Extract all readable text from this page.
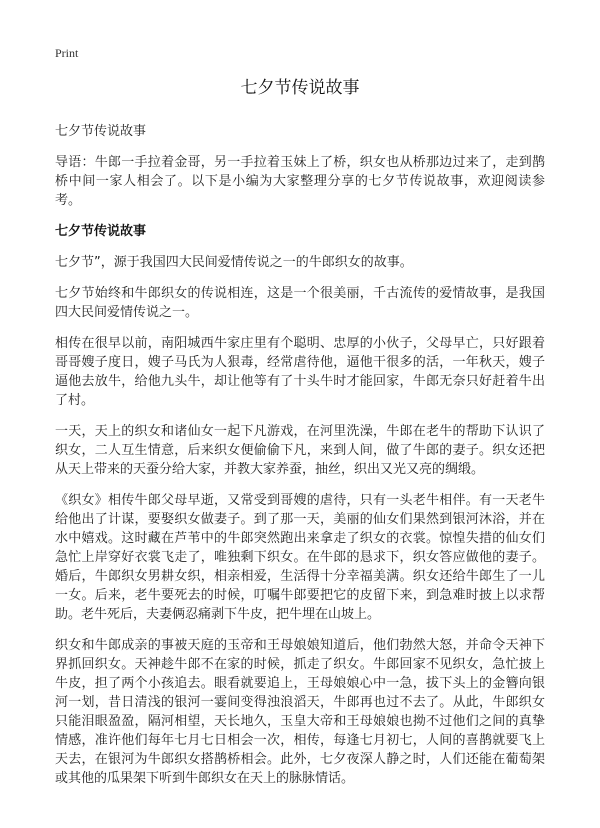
Print
七夕节传说故事

七夕节传说故事

导语：牛郎一手拉着金哥，另一手拉着玉妹上了桥，织女也从桥那边过来了，走到鹊桥中间一家人相会了。以下是小编为大家整理分享的七夕节传说故事，欢迎阅读参考。

七夕节传说故事

七夕节”，源于我国四大民间爱情传说之一的牛郎织女的故事。

七夕节始终和牛郎织女的传说相连，这是一个很美丽，千古流传的爱情故事，是我国四大民间爱情传说之一。

相传在很早以前，南阳城西牛家庄里有个聪明、忠厚的小伙子，父母早亡，只好跟着哥哥嫂子度日，嫂子马氏为人狠毒，经常虐待他，逼他干很多的活，一年秋天，嫂子逼他去放牛，给他九头牛，却让他等有了十头牛时才能回家，牛郎无奈只好赶着牛出了村。

一天，天上的织女和诸仙女一起下凡游戏，在河里洗澡，牛郎在老牛的帮助下认识了织女，二人互生情意，后来织女便偷偷下凡，来到人间，做了牛郎的妻子。织女还把从天上带来的天蚕分给大家，并教大家养蚕，抽丝，织出又光又亮的绸缎。

《织女》相传牛郎父母早逝，又常受到哥嫂的虐待，只有一头老牛相伴。有一天老牛给他出了计谋，要娶织女做妻子。到了那一天，美丽的仙女们果然到银河沐浴，并在水中嬉戏。这时藏在芦苇中的牛郎突然跑出来拿走了织女的衣裳。惊惶失措的仙女们急忙上岸穿好衣裳飞走了，唯独剩下织女。在牛郎的恳求下，织女答应做他的妻子。婚后，牛郎织女男耕女织，相亲相爱，生活得十分幸福美满。织女还给牛郎生了一儿一女。后来，老牛要死去的时候，叮嘱牛郎要把它的皮留下来，到急难时披上以求帮助。老牛死后，夫妻俩忍痛剥下牛皮，把牛埋在山坡上。

织女和牛郎成亲的事被天庭的玉帝和王母娘娘知道后，他们勃然大怒，并命令天神下界抓回织女。天神趁牛郎不在家的时候，抓走了织女。牛郎回家不见织女，急忙披上牛皮，担了两个小孩追去。眼看就要追上，王母娘娘心中一急，拔下头上的金簪向银河一划，昔日清浅的银河一霎间变得浊浪滔天，牛郎再也过不去了。从此，牛郎织女只能泪眼盈盈，隔河相望，天长地久，玉皇大帝和王母娘娘也拗不过他们之间的真挚情感，准许他们每年七月七日相会一次，相传，每逢七月初七，人间的喜鹊就要飞上天去，在银河为牛郎织女搭鹊桥相会。此外，七夕夜深人静之时，人们还能在葡萄架或其他的瓜果架下听到牛郎织女在天上的脉脉情话。
